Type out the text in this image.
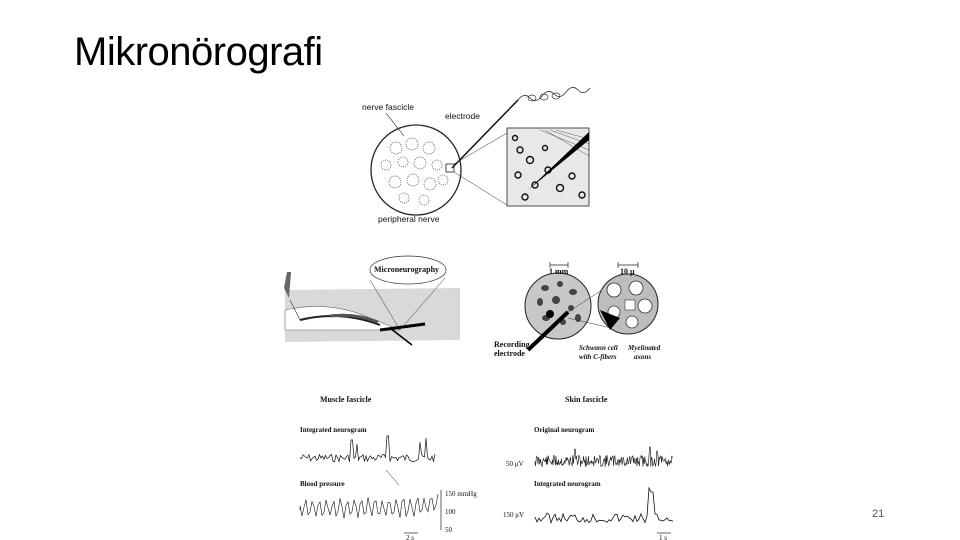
Mikronörografi
21
nerve fascicle
electrode
peripheral nerve
Microneurography	1 mm	10 μ
Recording
electrode
Schwann cell
with C-fibers
Myelinated
axons
Muscle fascicle	Skin fascicle
Integrated neurogram
Blood pressure
Original neurogram
Integrated neurogram
150 mmHg
100
50
50 μV
150 μV
2 s	1 s
